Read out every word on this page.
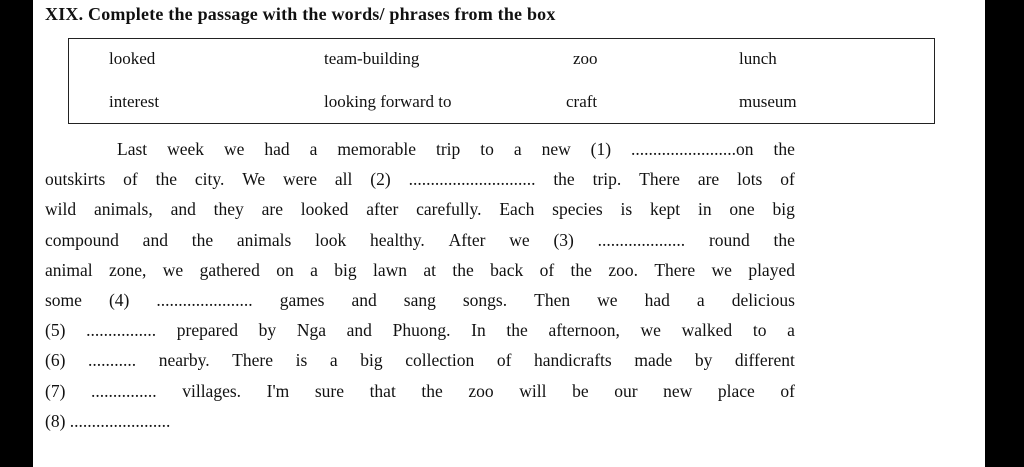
XIX. Complete the passage with the words/ phrases from the box
looked	team-building	zoo	lunch
interest	looking forward to	craft	museum
Last week we had a memorable trip to a new (1) ........................on the
outskirts of the city. We were all (2) ............................. the trip. There are lots of
wild animals, and they are looked after carefully. Each species is kept in one big
compound and the animals look healthy. After we (3) .................... round the
animal zone, we gathered on a big lawn at the back of the zoo. There we played
some (4) ...................... games and sang songs. Then we had a delicious
(5) ................ prepared by Nga and Phuong. In the afternoon, we walked to a
(6) ........... nearby. There is a big collection of handicrafts made by different
(7) ............... villages. I'm sure that the zoo will be our new place of
(8) .......................
